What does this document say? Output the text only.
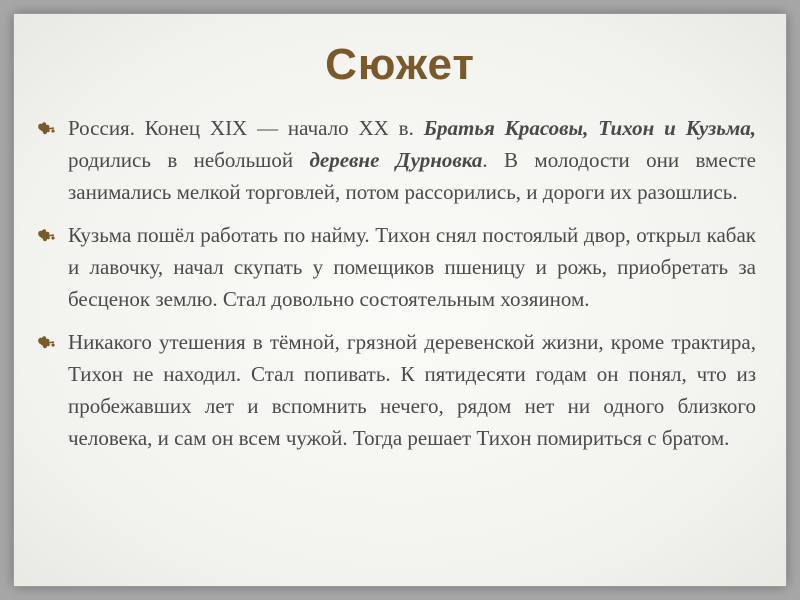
Сюжет
Россия. Конец XIX — начало XX в. Братья Красовы, Тихон и Кузьма, родились в небольшой деревне Дурновка. В молодости они вместе занимались мелкой торговлей, потом рассорились, и дороги их разошлись.
Кузьма пошёл работать по найму. Тихон снял постоялый двор, открыл кабак и лавочку, начал скупать у помещиков пшеницу и рожь, приобретать за бесценок землю. Стал довольно состоятельным хозяином.
Никакого утешения в тёмной, грязной деревенской жизни, кроме трактира, Тихон не находил. Стал попивать. К пятидесяти годам он понял, что из пробежавших лет и вспомнить нечего, рядом нет ни одного близкого человека, и сам он всем чужой. Тогда решает Тихон помириться с братом.
